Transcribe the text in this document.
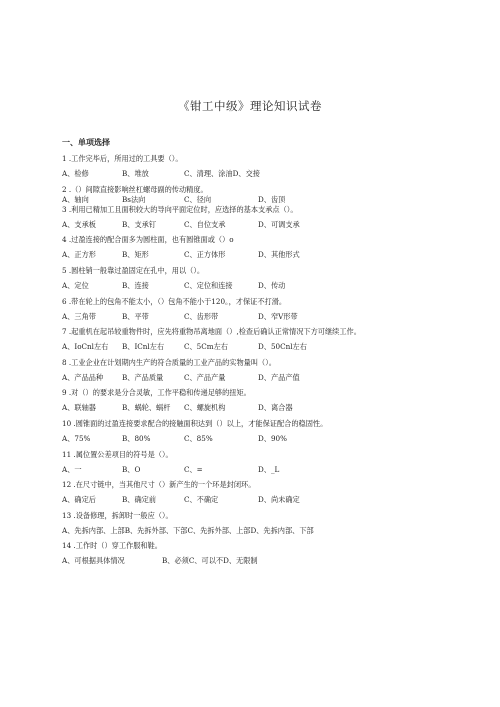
《钳工中级》理论知识试卷
一、单项选择
1 .工作完毕后，所用过的工具要（）。
A、检修	B、堆放	C、清理、涂油D、交接
2 .（）间隙直接影响丝杠螺母副的传动精度。
A、轴向	Bs法向	C、径向	D、齿顶
3 .利用已精加工且面积较大的导向平面定位时，应选择的基本支承点（）。
A、支承板	B、支承钉	C、自位支承	D、可调支承
4 .过盈连接的配合面多为圆柱面，也有圆锥面或（）o
A、正方形	B、矩形	C、正方体形	D、其他形式
5 .圆柱销一般靠过盈固定在孔中，用以（）。
A、定位	B、连接	C、定位和连接	D、传动
6 .带在轮上的包角不能太小，（）包角不能小于120。，才保证不打滑。
A、三角带	B、平带	C、齿形带	D、窄V形带
7 .起重机在起吊较重物件时，应先将重物吊离地面（）,检查后确认正常情况下方可继续工作。
A、IoCnl左右	B、ICnl左右	C、5Cm左右	D、50Cnl左右
8 .工业企业在计划期内生产的符合质量的工业产品的实物量叫（）。
A、产品品种	B、产品质量	C、产品产量	D、产品产值
9 .对（）的要求是分合灵敏，工作平稳和传递足够的扭矩。
A、联轴器	B、蜗轮、蜗杆	C、螺旋机构	D、离合器
10 .圆锥面的过盈连接要求配合的接触面积达到（）以上，才能保证配合的稳固性。
A、75%	B、80%	C、85%	D、90%
11 .属位置公差项目的符号是（）。
A、一	B、O	C、=	D、_L
12 .在尺寸链中，当其他尺寸（）新产生的一个环是封闭环。
A、确定后	B、确定前	C、不确定	D、尚未确定
13 .设备修理，拆卸时一般应（）。
A、先拆内部、上部B、先拆外部、下部C、先拆外部、上部D、先拆内部、下部
14 .工作时（）穿工作服和鞋。
A、可根据具体情况	B、必须C、可以不D、无限制
